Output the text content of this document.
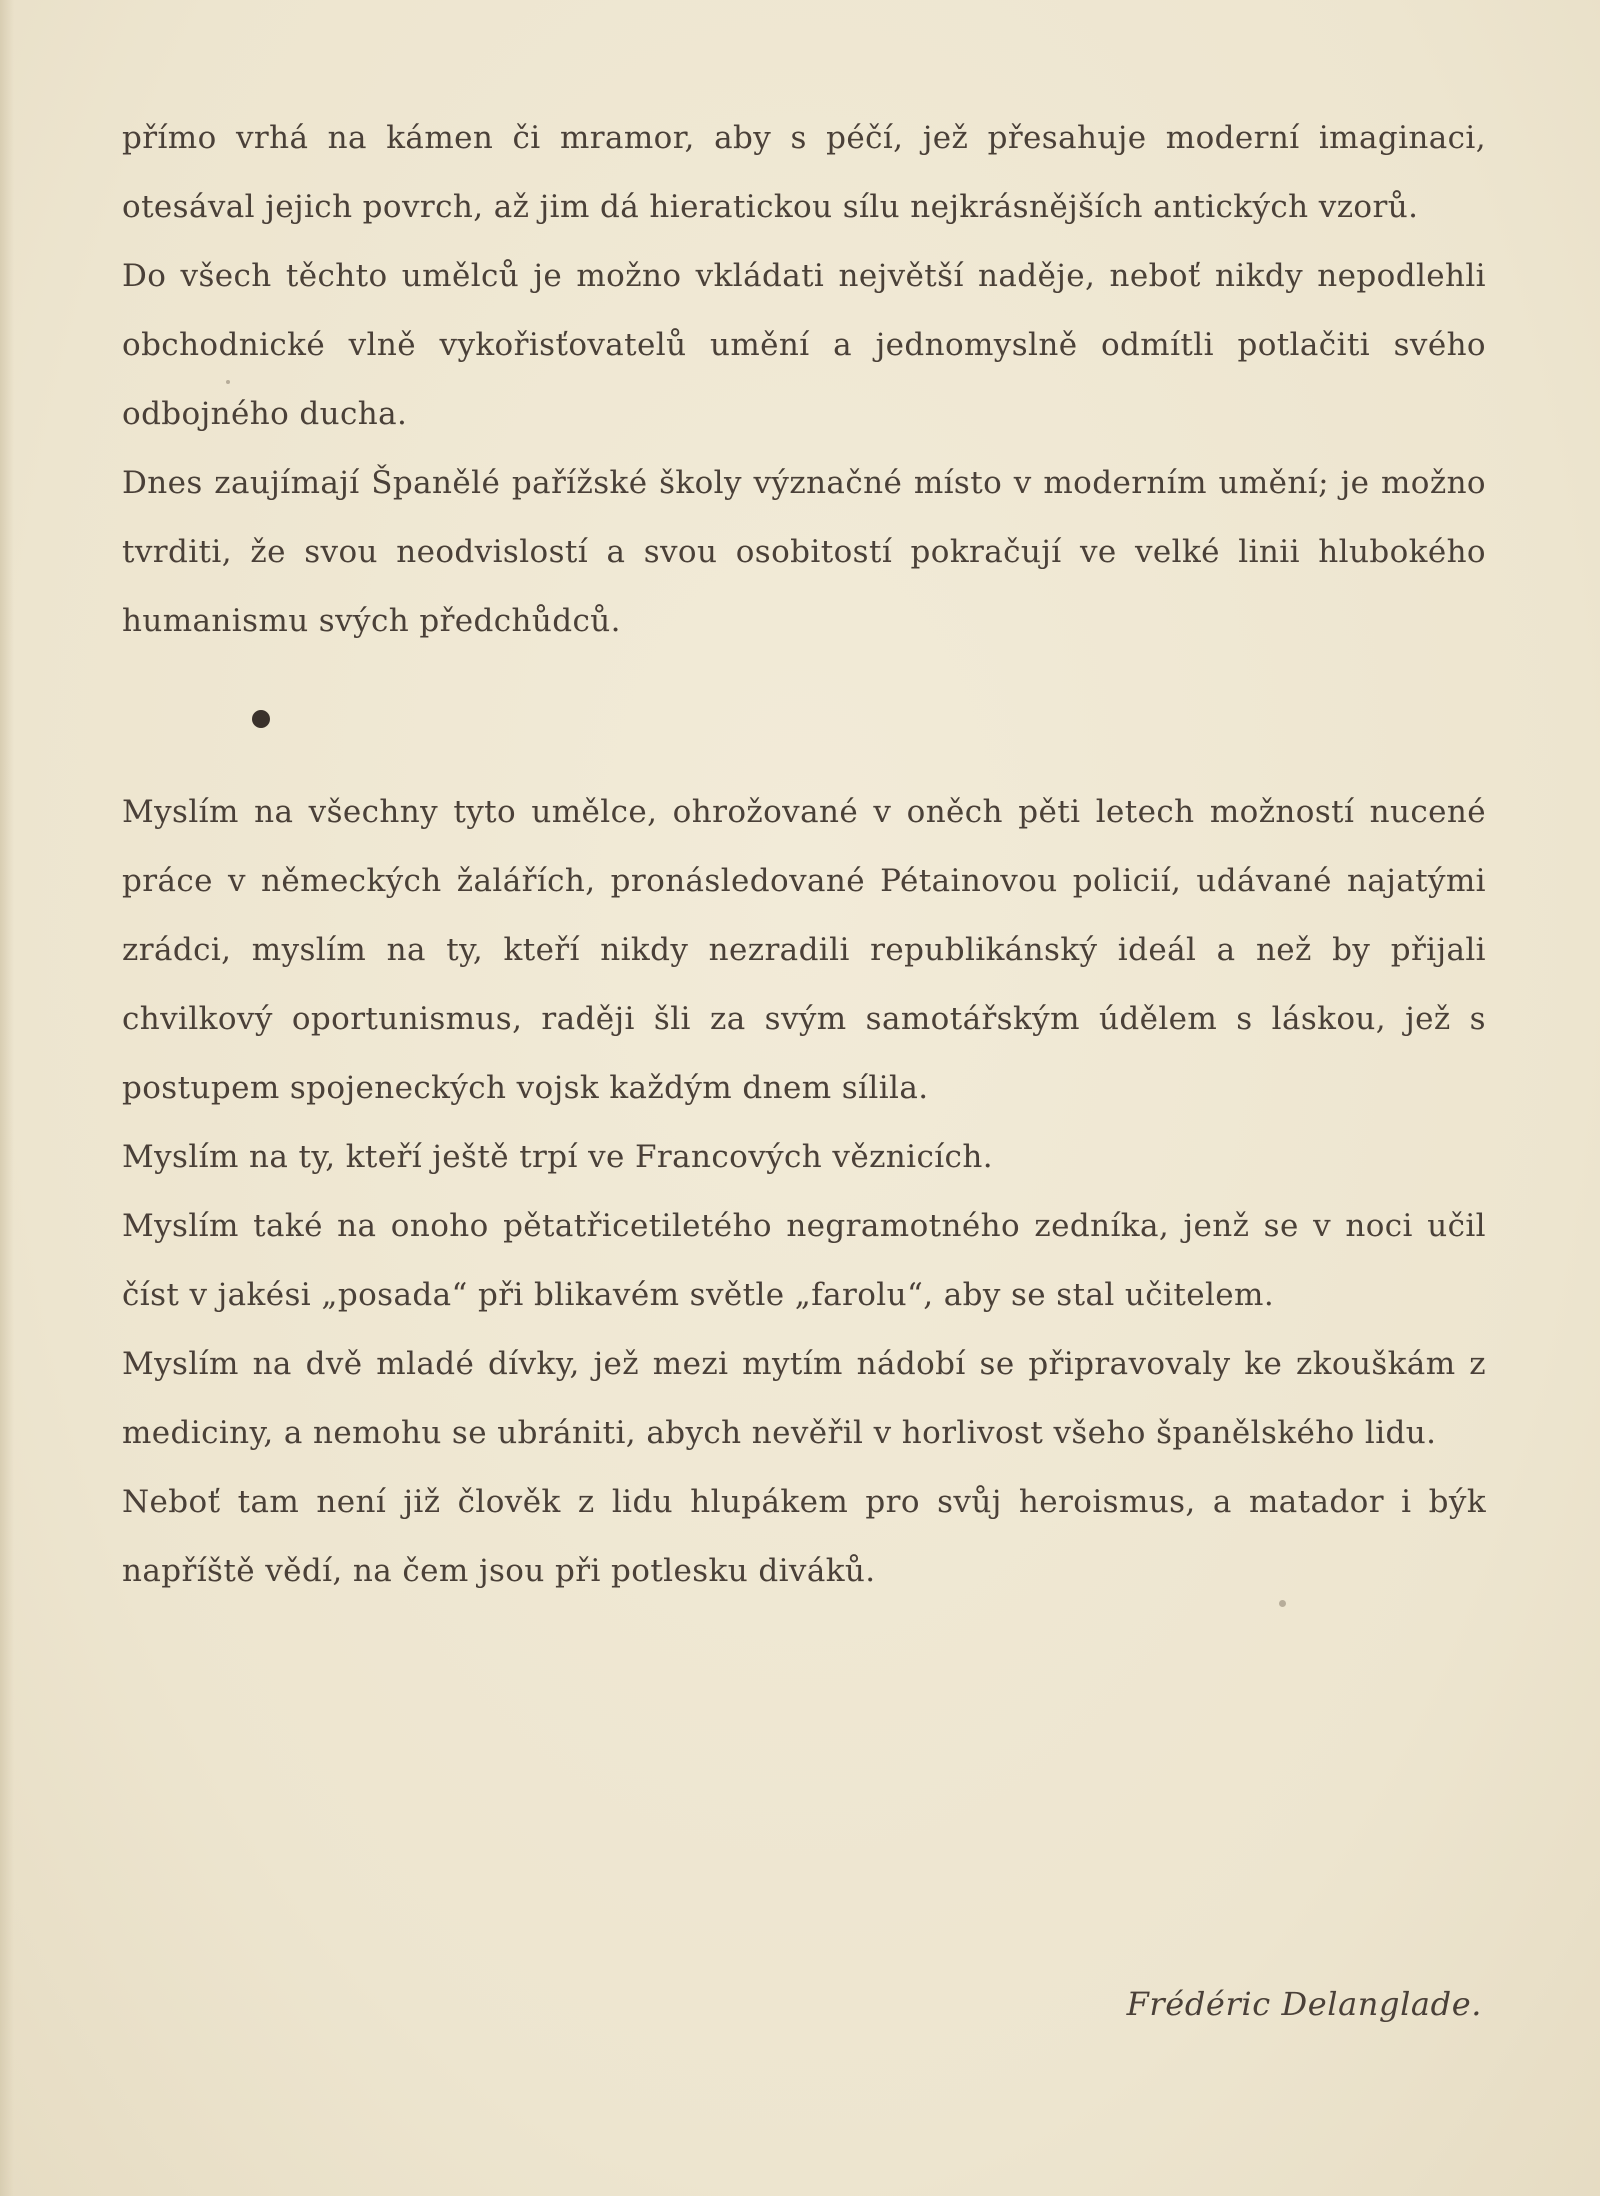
přímo vrhá na kámen či mramor, aby s péčí, jež přesahuje moderní imaginaci, otesával jejich povrch, až jim dá hieratickou sílu nejkrásnějších antických vzorů.

Do všech těchto umělců je možno vkládati největší naděje, neboť nikdy nepodlehli obchodnické vlně vykořisťovatelů umění a jednomyslně odmítli potlačiti svého odbojného ducha.

Dnes zaujímají Španělé pařížské školy význačné místo v moderním umění; je možno tvrditi, že svou neodvislostí a svou osobitostí pokračují ve velké linii hlubokého humanismu svých předchůdců.

Myslím na všechny tyto umělce, ohrožované v oněch pěti letech možností nucené práce v německých žalářích, pronásledované Pétainovou policií, udávané najatými zrádci, myslím na ty, kteří nikdy nezradili republikánský ideál a než by přijali chvilkový oportunismus, raději šli za svým samotářským údělem s láskou, jež s postupem spojeneckých vojsk každým dnem sílila.

Myslím na ty, kteří ještě trpí ve Francových věznicích.

Myslím také na onoho pětatřicetiletého negramotného zedníka, jenž se v noci učil číst v jakési „posada“ při blikavém světle „farolu“, aby se stal učitelem.

Myslím na dvě mladé dívky, jež mezi mytím nádobí se připravovaly ke zkouškám z mediciny, a nemohu se ubrániti, abych nevěřil v horlivost všeho španělského lidu.

Neboť tam není již člověk z lidu hlupákem pro svůj heroismus, a matador i býk napříště vědí, na čem jsou při potlesku diváků.

Frédéric Delanglade.
